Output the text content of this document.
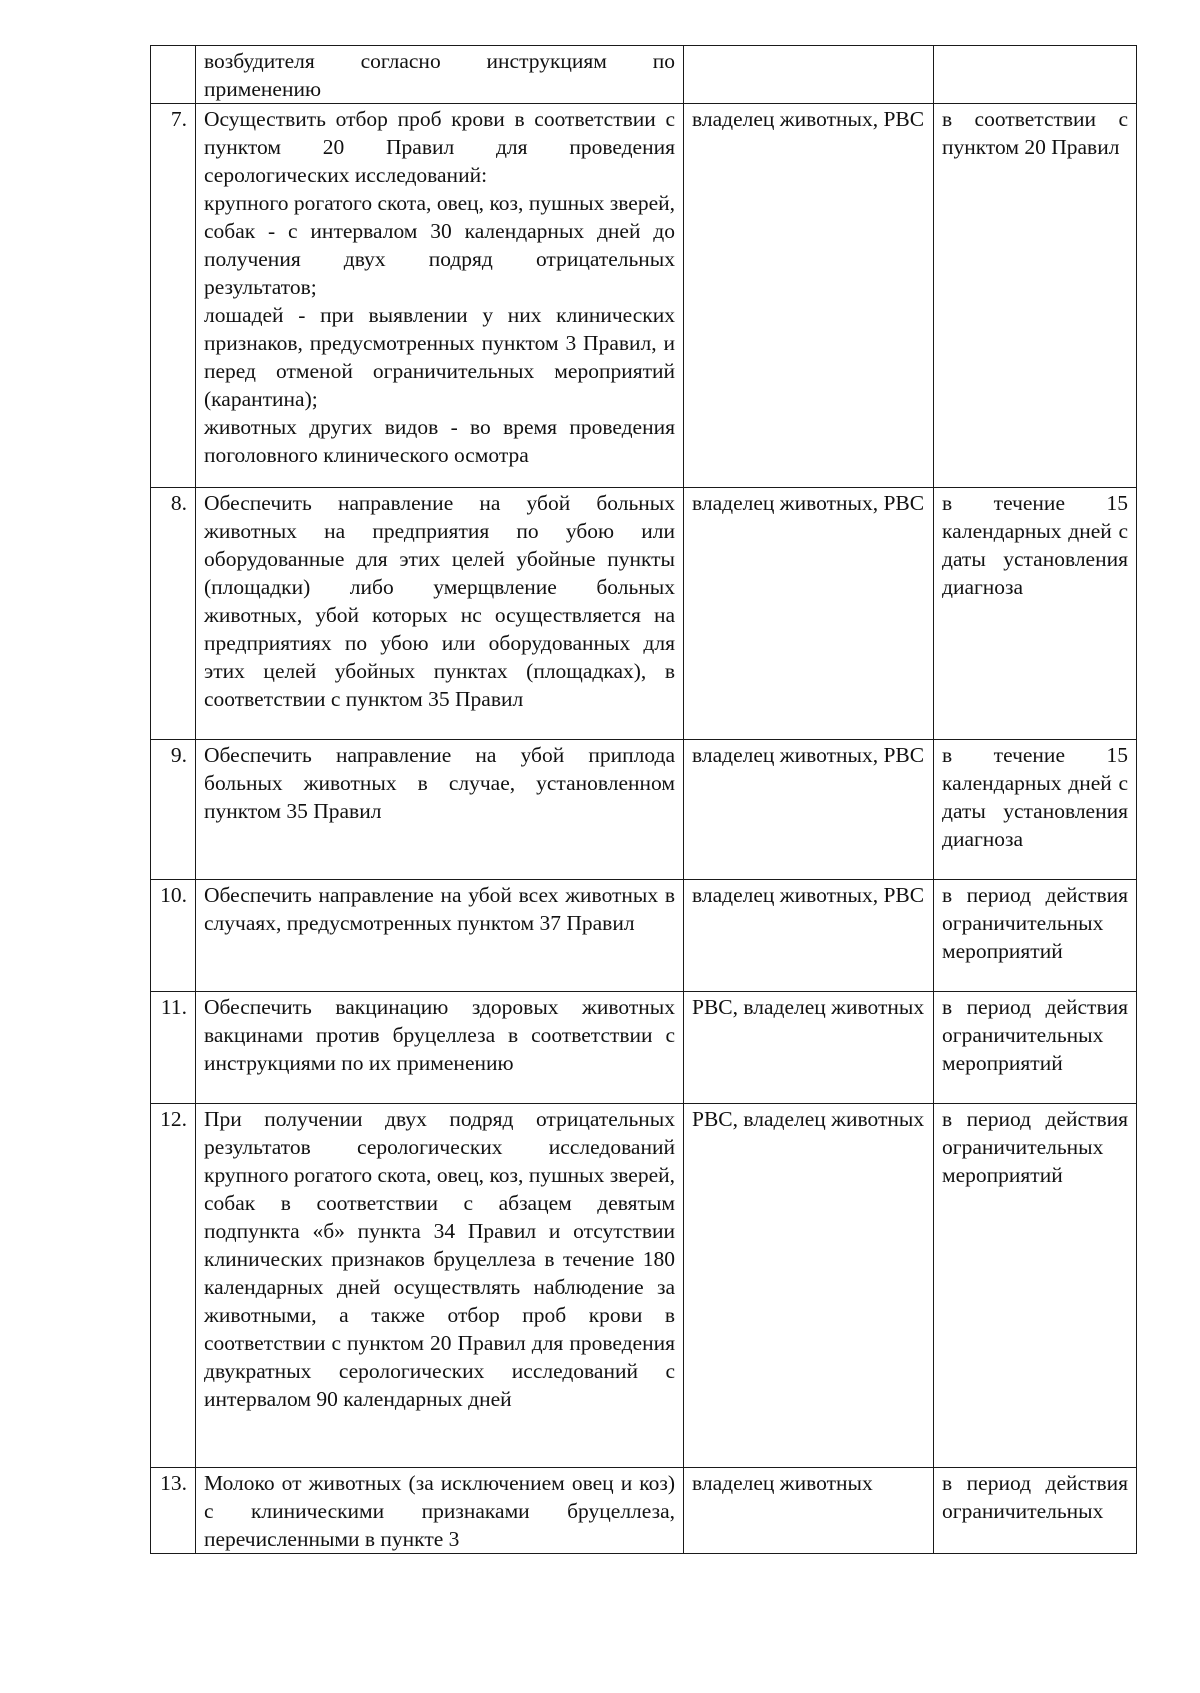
	возбудителя согласно инструкциям по применению		

7.	Осуществить отбор проб крови в соответствии с пунктом 20 Правил для проведения серологических исследований:
крупного рогатого скота, овец, коз, пушных зверей, собак - с интервалом 30 календарных дней до получения двух подряд отрицательных результатов;
лошадей - при выявлении у них клинических признаков, предусмотренных пунктом 3 Правил, и перед отменой ограничительных мероприятий (карантина);
животных других видов - во время проведения поголовного клинического осмотра	владелец животных, РВС	в соответствии с пунктом 20 Правил
8.	Обеспечить направление на убой больных животных на предприятия по убою или оборудованные для этих целей убойные пункты (площадки) либо умерщвление больных животных, убой которых нс осуществляется на предприятиях по убою или оборудованных для этих целей убойных пунктах (площадках), в соответствии с пунктом 35 Правил	владелец животных, РВС	в течение 15 календарных дней с даты установления диагноза
9.	Обеспечить направление на убой приплода больных животных в случае, установленном пунктом 35 Правил	владелец животных, РВС	в течение 15 календарных дней с даты установления диагноза
10.	Обеспечить направление на убой всех животных в случаях, предусмотренных пунктом 37 Правил	владелец животных, РВС	в период действия ограничительных мероприятий
11.	Обеспечить вакцинацию здоровых животных вакцинами против бруцеллеза в соответствии с инструкциями по их применению	РВС, владелец животных	в период действия ограничительных мероприятий
12.	При получении двух подряд отрицательных результатов серологических исследований крупного рогатого скота, овец, коз, пушных зверей, собак в соответствии с абзацем девятым подпункта «б» пункта 34 Правил и отсутствии клинических признаков бруцеллеза в течение 180 календарных дней осуществлять наблюдение за животными, а также отбор проб крови в соответствии с пунктом 20 Правил для проведения двукратных серологических исследований с интервалом 90 календарных дней	РВС, владелец животных	в период действия ограничительных мероприятий
13.	Молоко от животных (за исключением овец и коз) с клиническими признаками бруцеллеза, перечисленными в пункте 3	владелец животных	в период действия ограничительных
